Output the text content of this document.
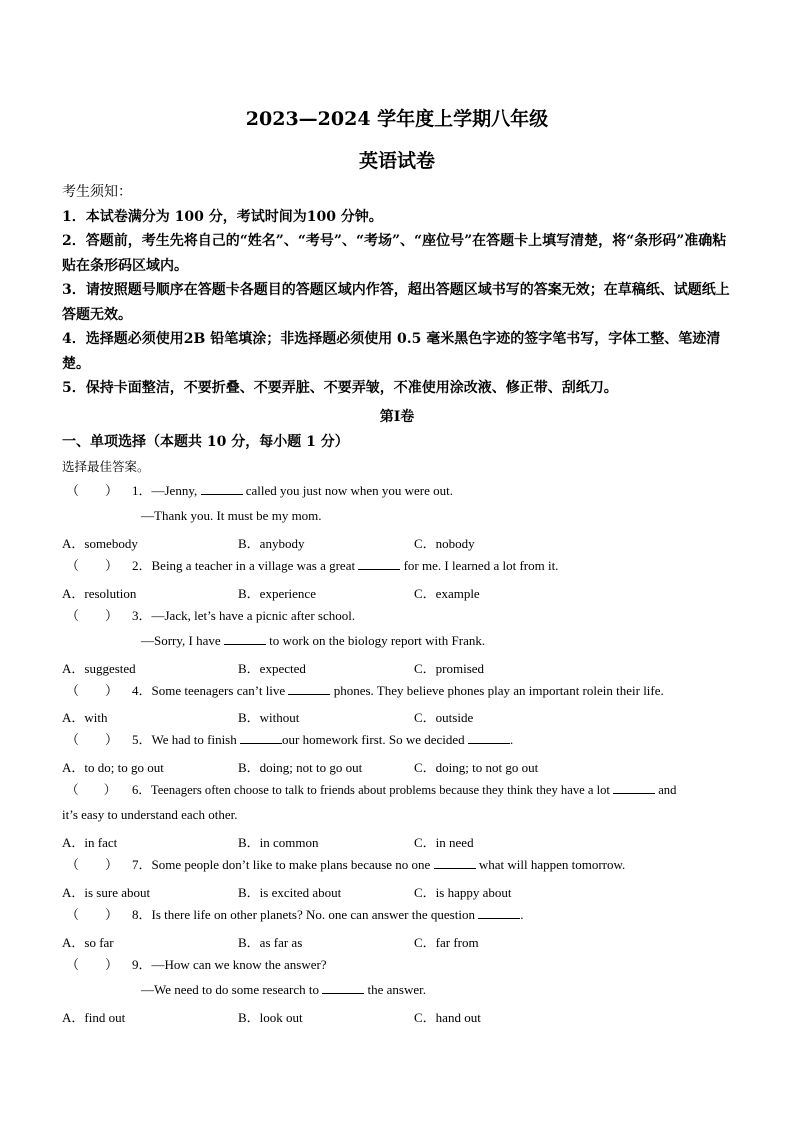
2023—2024 学年度上学期八年级
英语试卷
考生须知：
1．本试卷满分为 100 分，考试时间为100 分钟。
2．答题前，考生先将自己的“姓名”、“考号”、“考场”、“座位号”在答题卡上填写清楚，将“条形码”准确粘贴在条形码区域内。
3．请按照题号顺序在答题卡各题目的答题区域内作答，超出答题区域书写的答案无效；在草稿纸、试题纸上答题无效。
4．选择题必须使用2B 铅笔填涂；非选择题必须使用 0.5 毫米黑色字迹的签字笔书写，字体工整、笔迹清楚。
5．保持卡面整洁，不要折叠、不要弄脏、不要弄皱，不准使用涂改液、修正带、刮纸刀。
第Ⅰ卷
一、单项选择（本题共 10 分，每小题 1 分）
选择最佳答案。
（　　） 1．—Jenny,	called you just now when you were out.
—Thank you. It must be my mom.
A．somebody	B．anybody	C．nobody
（　　） 2．Being a teacher in a village was a great	for me. I learned a lot from it.
A．resolution	B．experience	C．example
（　　） 3．—Jack, let’s have a picnic after school.
—Sorry, I have	to work on the biology report with Frank.
A．suggested	B．expected	C．promised
（　　） 4．Some teenagers can’t live	phones. They believe phones play an important rolein their life.
A．with	B．without	C．outside
（　　） 5．We had to finish	our homework first. So we decided	.
A．to do; to go out	B．doing; not to go out	C．doing; to not go out
（　　） 6．Teenagers often choose to talk to friends about problems because they think they have a lot	and
it’s easy to understand each other.
A．in fact	B．in common	C．in need
（　　） 7．Some people don’t like to make plans because no one	what will happen tomorrow.
A．is sure about	B．is excited about	C．is happy about
（　　） 8．Is there life on other planets? No. one can answer the question	.
A．so far	B．as far as	C．far from
（　　） 9．—How can we know the answer?
—We need to do some research to	the answer.
A．find out	B．look out	C．hand out
